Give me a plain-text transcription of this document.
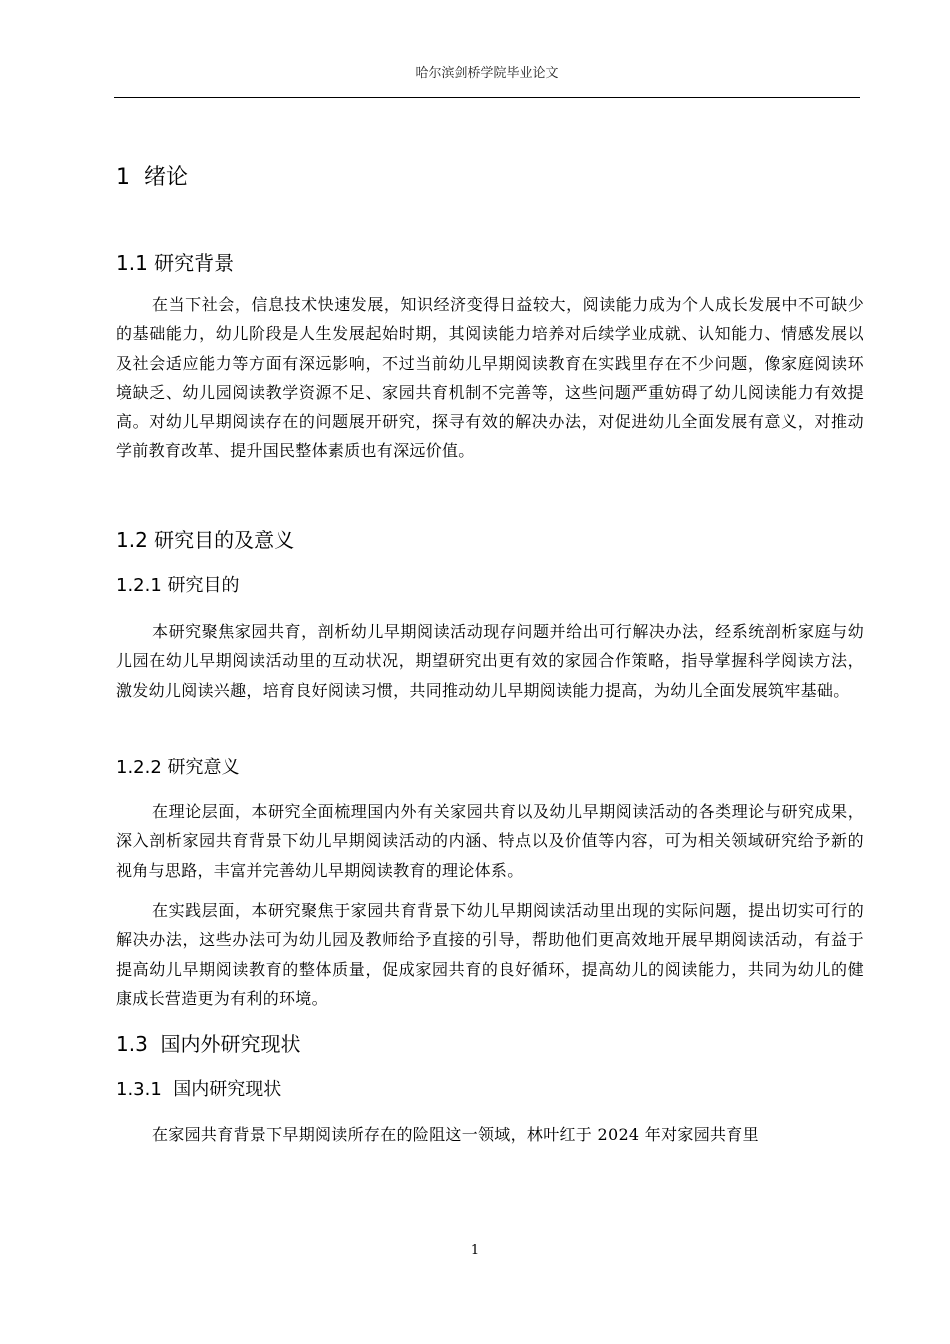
哈尔滨剑桥学院毕业论文
1  绪论
1.1 研究背景
在当下社会，信息技术快速发展，知识经济变得日益较大，阅读能力成为个人成长发展中不可缺少的基础能力，幼儿阶段是人生发展起始时期，其阅读能力培养对后续学业成就、认知能力、情感发展以及社会适应能力等方面有深远影响，不过当前幼儿早期阅读教育在实践里存在不少问题，像家庭阅读环境缺乏、幼儿园阅读教学资源不足、家园共育机制不完善等，这些问题严重妨碍了幼儿阅读能力有效提高。对幼儿早期阅读存在的问题展开研究，探寻有效的解决办法，对促进幼儿全面发展有意义，对推动学前教育改革、提升国民整体素质也有深远价值。
1.2 研究目的及意义
1.2.1 研究目的
本研究聚焦家园共育，剖析幼儿早期阅读活动现存问题并给出可行解决办法，经系统剖析家庭与幼儿园在幼儿早期阅读活动里的互动状况，期望研究出更有效的家园合作策略，指导掌握科学阅读方法，激发幼儿阅读兴趣，培育良好阅读习惯，共同推动幼儿早期阅读能力提高，为幼儿全面发展筑牢基础。
1.2.2 研究意义
在理论层面，本研究全面梳理国内外有关家园共育以及幼儿早期阅读活动的各类理论与研究成果，深入剖析家园共育背景下幼儿早期阅读活动的内涵、特点以及价值等内容，可为相关领域研究给予新的视角与思路，丰富并完善幼儿早期阅读教育的理论体系。
在实践层面，本研究聚焦于家园共育背景下幼儿早期阅读活动里出现的实际问题，提出切实可行的解决办法，这些办法可为幼儿园及教师给予直接的引导，帮助他们更高效地开展早期阅读活动，有益于提高幼儿早期阅读教育的整体质量，促成家园共育的良好循环，提高幼儿的阅读能力，共同为幼儿的健康成长营造更为有利的环境。
1.3  国内外研究现状
1.3.1  国内研究现状
在家园共育背景下早期阅读所存在的险阻这一领域，林叶红于 2024 年对家园共育里
1
